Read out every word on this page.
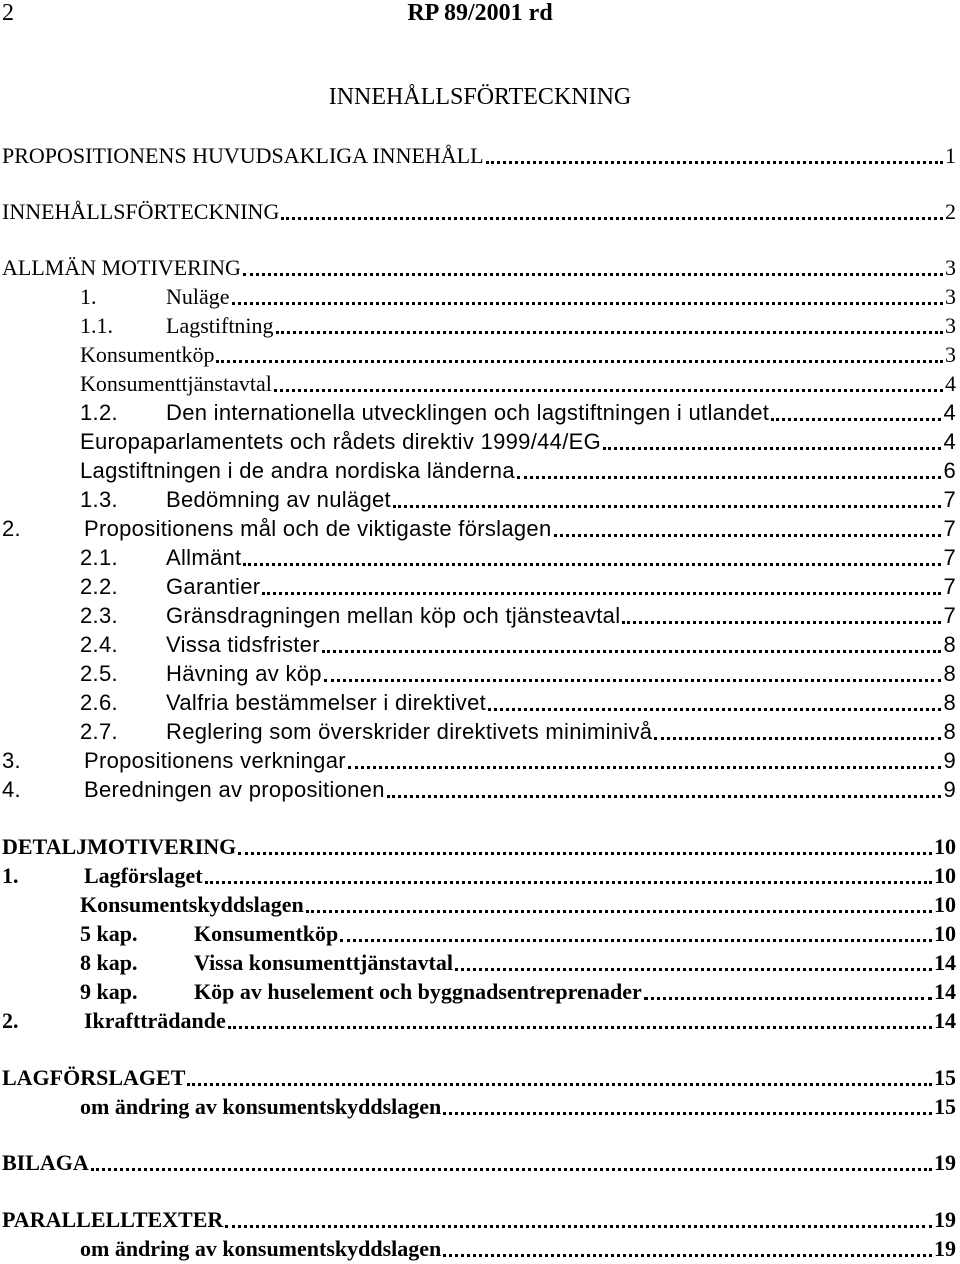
2	RP 89/2001 rd
INNEHÅLLSFÖRTECKNING
PROPOSITIONENS HUVUDSAKLIGA INNEHÅLL	1
INNEHÅLLSFÖRTECKNING	2
ALLMÄN MOTIVERING	3
1.	Nuläge	3
1.1.	Lagstiftning	3
Konsumentköp	3
Konsumenttjänstavtal	4
1.2.	Den internationella utvecklingen och lagstiftningen i utlandet	4
Europaparlamentets och rådets direktiv 1999/44/EG	4
Lagstiftningen i de andra nordiska länderna	6
1.3.	Bedömning av nuläget	7
2.	Propositionens mål och de viktigaste förslagen	7
2.1.	Allmänt	7
2.2.	Garantier	7
2.3.	Gränsdragningen mellan köp och tjänsteavtal	7
2.4.	Vissa tidsfrister	8
2.5.	Hävning av köp	8
2.6.	Valfria bestämmelser i direktivet	8
2.7.	Reglering som överskrider direktivets miniminivå	8
3.	Propositionens verkningar	9
4.	Beredningen av propositionen	9
DETALJMOTIVERING	10
1.	Lagförslaget	10
Konsumentskyddslagen	10
5 kap.	Konsumentköp	10
8 kap.	Vissa konsumenttjänstavtal	14
9 kap.	Köp av huselement och byggnadsentreprenader	14
2.	Ikraftträdande	14
LAGFÖRSLAGET	15
om ändring av konsumentskyddslagen	15
BILAGA	19
PARALLELLTEXTER	19
om ändring av konsumentskyddslagen	19
